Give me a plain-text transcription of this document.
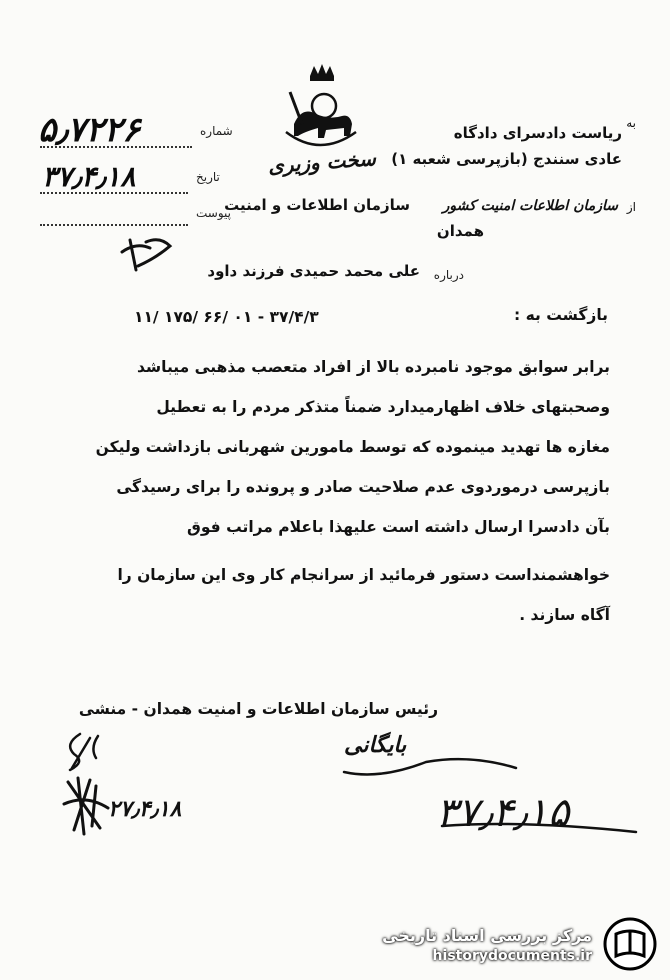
سخت وزیری
به
ریاست دادسرای دادگاه
عادی سنندج (بازپرسی شعبه ۱)
از
سازمان اطلاعات و امنیت سازمان اطلاعات امنیت کشور
همدان
شماره
تاریخ
پیوست
۵٫۷۲۲۶
۳۷٫۴٫۱۸
درباره
علی محمد حمیدی فرزند داود
بازگشت به :
۱۱/ ۱۷۵/ ۶۶/ ۰۱ - ۳۷/۴/۳
برابر سوابق موجود نامبرده بالا از افراد متعصب مذهبی میباشد
وصحبتهای خلاف اظهارمیدارد ضمناً متذکر مردم را به تعطیل
مغازه ها تهدید مینموده که توسط مامورین شهربانی بازداشت ولیکن
بازپرسی درموردوی عدم صلاحیت صادر و پرونده را برای رسیدگی
بآن دادسرا ارسال داشته است علیهذا باعلام مراتب فوق
خواهشمنداست دستور فرمائید از سرانجام کار وی این سازمان را
آگاه سازند .
رئیس سازمان اطلاعات و امنیت همدان - منشی
۲۷٫۴٫۱۸
بایگانی
۳۷٫۴٫۱۵
مرکز بررسی اسناد تاریخی
historydocuments.ir
